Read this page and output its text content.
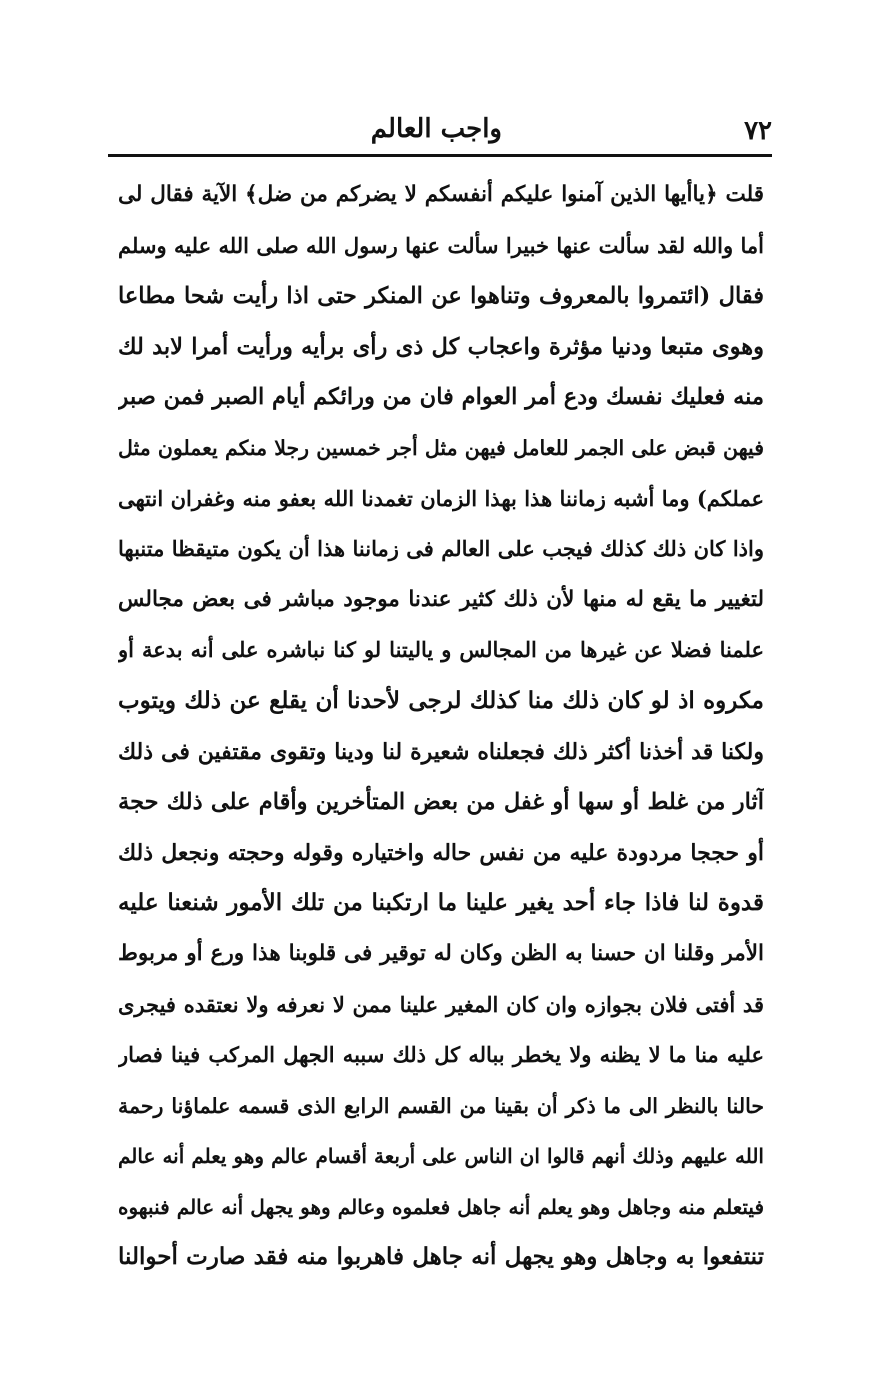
٧٢
واجب العالم
قلت ﴿ياأيها الذين آمنوا عليكم أنفسكم لا يضركم من ضل﴾ الآية فقال لى
أما والله لقد سألت عنها خبيرا سألت عنها رسول الله صلى الله عليه وسلم
فقال (ائتمروا بالمعروف وتناهوا عن المنكر حتى اذا رأيت شحا مطاعا
وهوى متبعا ودنيا مؤثرة واعجاب كل ذى رأى برأيه ورأيت أمرا لابد لك
منه فعليك نفسك ودع أمر العوام فان من ورائكم أيام الصبر فمن صبر
فيهن قبض على الجمر للعامل فيهن مثل أجر خمسين رجلا منكم يعملون مثل
عملكم) وما أشبه زماننا هذا بهذا الزمان تغمدنا الله بعفو منه وغفران انتهى
واذا كان ذلك كذلك فيجب على العالم فى زماننا هذا أن يكون متيقظا متنبها
لتغيير ما يقع له منها لأن ذلك كثير عندنا موجود مباشر فى بعض مجالس
علمنا فضلا عن غيرها من المجالس و ياليتنا لو كنا نباشره على أنه بدعة أو
مكروه اذ لو كان ذلك منا كذلك لرجى لأحدنا أن يقلع عن ذلك ويتوب
ولكنا قد أخذنا أكثر ذلك فجعلناه شعيرة لنا ودينا وتقوى مقتفين فى ذلك
آثار من غلط أو سها أو غفل من بعض المتأخرين وأقام على ذلك حجة
أو حججا مردودة عليه من نفس حاله واختياره وقوله وحجته ونجعل ذلك
قدوة لنا فاذا جاء أحد يغير علينا ما ارتكبنا من تلك الأمور شنعنا عليه
الأمر وقلنا ان حسنا به الظن وكان له توقير فى قلوبنا هذا ورع أو مربوط
قد أفتى فلان بجوازه وان كان المغير علينا ممن لا نعرفه ولا نعتقده فيجرى
عليه منا ما لا يظنه ولا يخطر بباله كل ذلك سببه الجهل المركب فينا فصار
حالنا بالنظر الى ما ذكر أن بقينا من القسم الرابع الذى قسمه علماؤنا رحمة
الله عليهم وذلك أنهم قالوا ان الناس على أربعة أقسام عالم وهو يعلم أنه عالم
فيتعلم منه وجاهل وهو يعلم أنه جاهل فعلموه وعالم وهو يجهل أنه عالم فنبهوه
تنتفعوا به وجاهل وهو يجهل أنه جاهل فاهربوا منه فقد صارت أحوالنا
